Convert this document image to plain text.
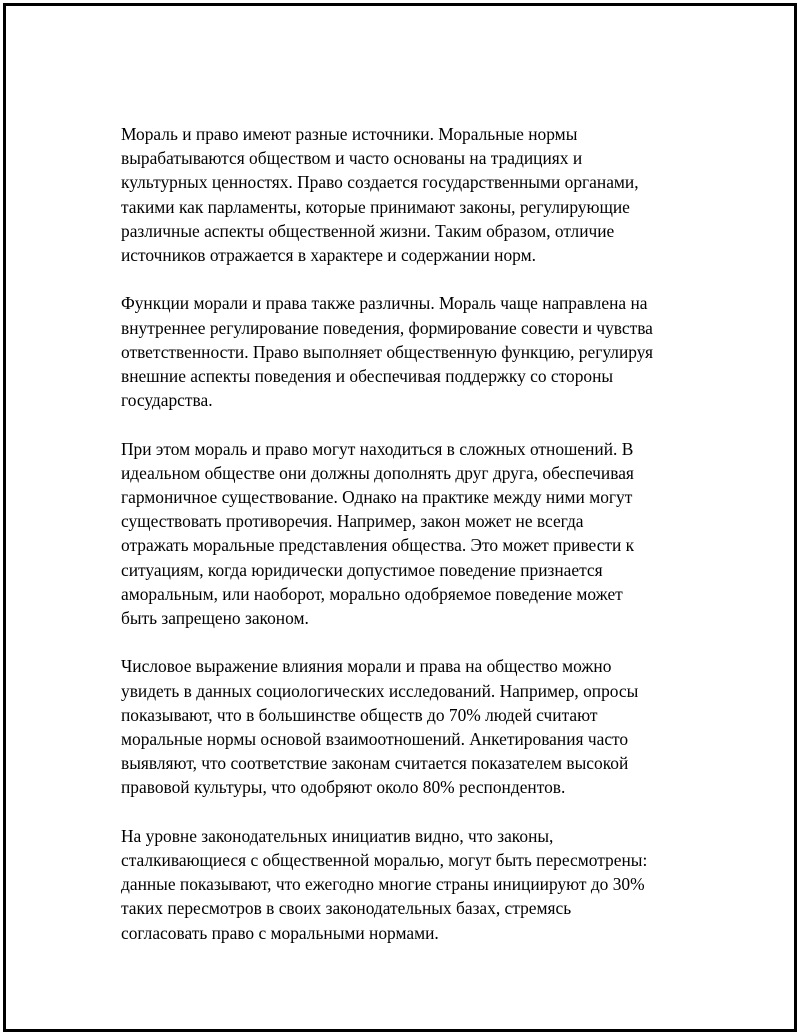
Мораль и право имеют разные источники. Моральные нормы
вырабатываются обществом и часто основаны на традициях и
культурных ценностях. Право создается государственными органами,
такими как парламенты, которые принимают законы, регулирующие
различные аспекты общественной жизни. Таким образом, отличие
источников отражается в характере и содержании норм.

Функции морали и права также различны. Мораль чаще направлена на
внутреннее регулирование поведения, формирование совести и чувства
ответственности. Право выполняет общественную функцию, регулируя
внешние аспекты поведения и обеспечивая поддержку со стороны
государства.

При этом мораль и право могут находиться в сложных отношений. В
идеальном обществе они должны дополнять друг друга, обеспечивая
гармоничное существование. Однако на практике между ними могут
существовать противоречия. Например, закон может не всегда
отражать моральные представления общества. Это может привести к
ситуациям, когда юридически допустимое поведение признается
аморальным, или наоборот, морально одобряемое поведение может
быть запрещено законом.

Числовое выражение влияния морали и права на общество можно
увидеть в данных социологических исследований. Например, опросы
показывают, что в большинстве обществ до 70% людей считают
моральные нормы основой взаимоотношений. Анкетирования часто
выявляют, что соответствие законам считается показателем высокой
правовой культуры, что одобряют около 80% респондентов.

На уровне законодательных инициатив видно, что законы,
сталкивающиеся с общественной моралью, могут быть пересмотрены:
данные показывают, что ежегодно многие страны инициируют до 30%
таких пересмотров в своих законодательных базах, стремясь
согласовать право с моральными нормами.
